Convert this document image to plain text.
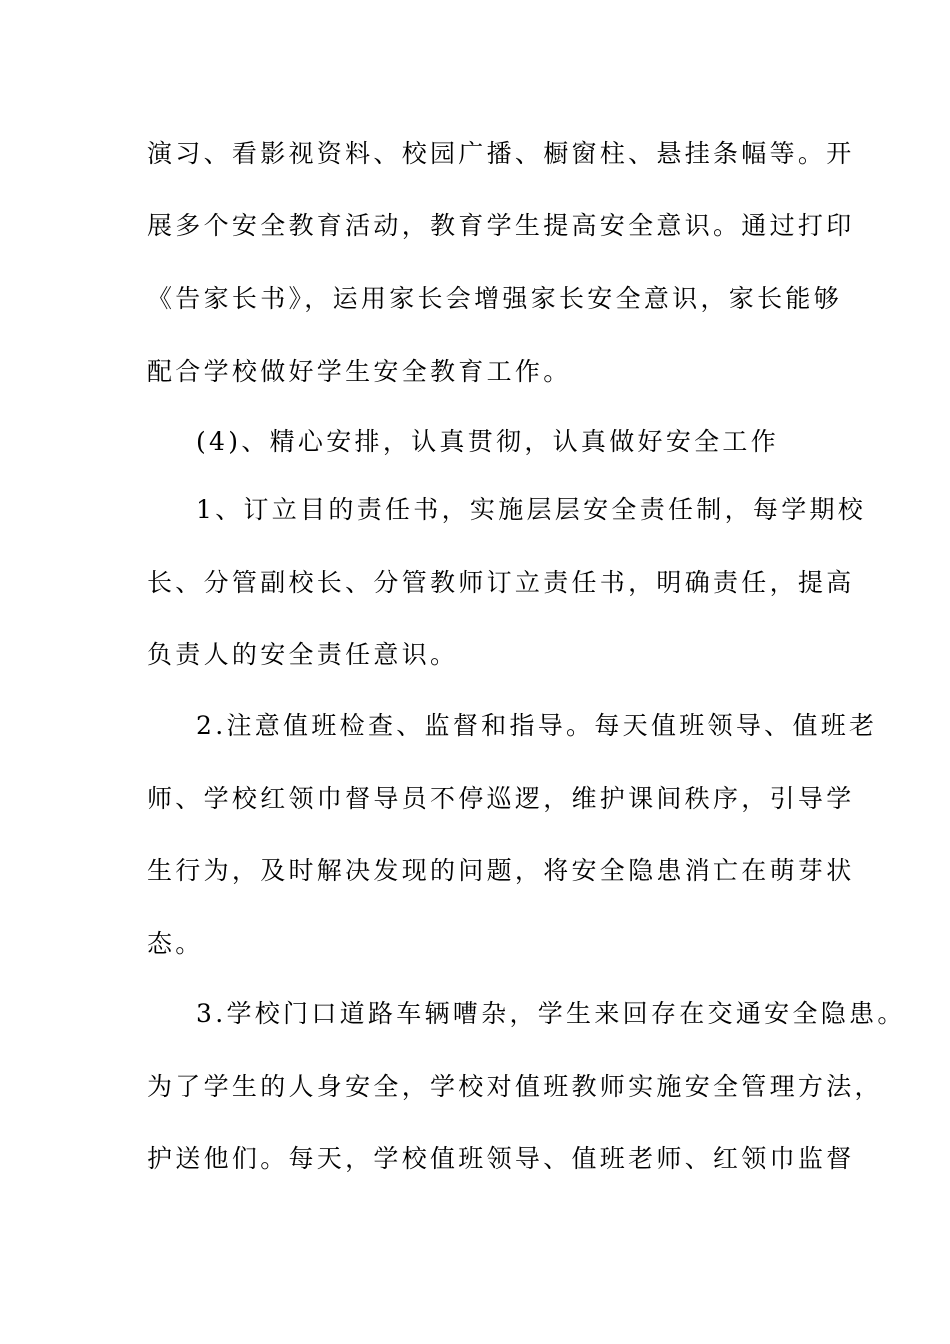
演习、看影视资料、校园广播、橱窗柱、悬挂条幅等。开
展多个安全教育活动，教育学生提高安全意识。通过打印
《告家长书》，运用家长会增强家长安全意识，家长能够
配合学校做好学生安全教育工作。
(4)、精心安排，认真贯彻，认真做好安全工作
1、订立目的责任书，实施层层安全责任制，每学期校
长、分管副校长、分管教师订立责任书，明确责任，提高
负责人的安全责任意识。
2.注意值班检查、监督和指导。每天值班领导、值班老
师、学校红领巾督导员不停巡逻，维护课间秩序，引导学
生行为，及时解决发现的问题，将安全隐患消亡在萌芽状
态。
3.学校门口道路车辆嘈杂，学生来回存在交通安全隐患。
为了学生的人身安全，学校对值班教师实施安全管理方法，
护送他们。每天，学校值班领导、值班老师、红领巾监督
